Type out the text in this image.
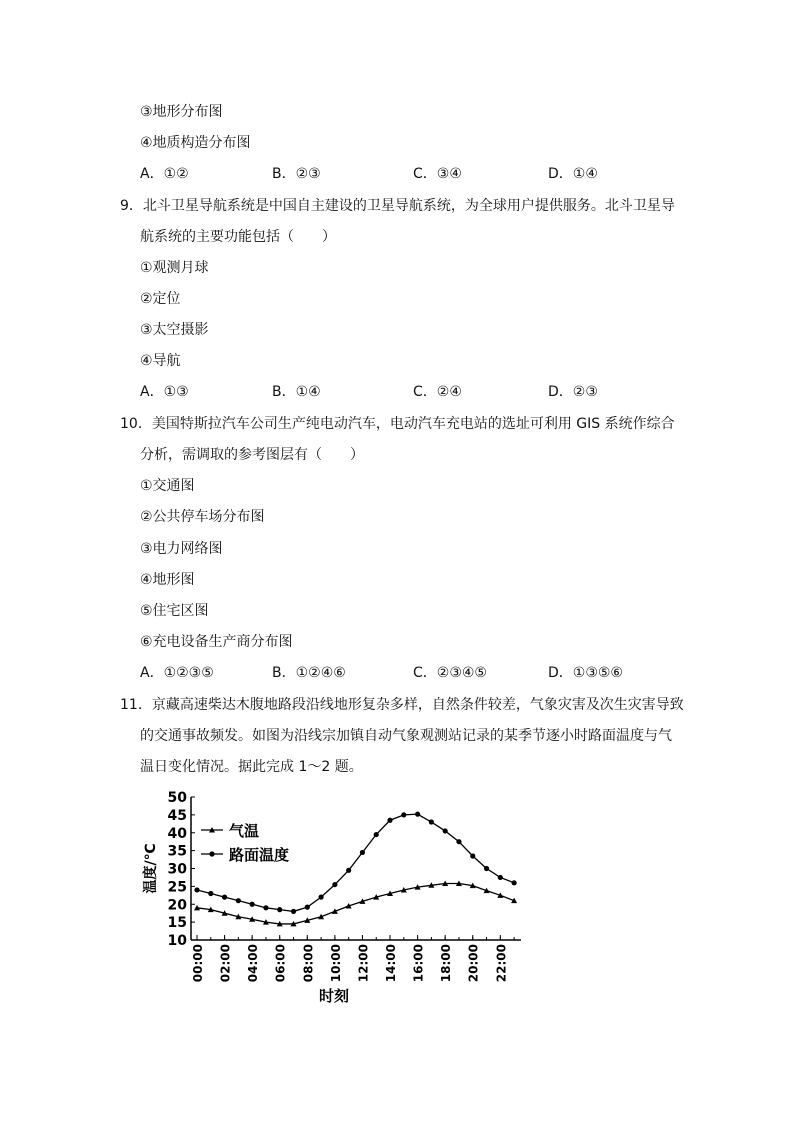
③地形分布图
④地质构造分布图
A．①②	B．②③	C．③④	D．①④
9．北斗卫星导航系统是中国自主建设的卫星导航系统，为全球用户提供服务。北斗卫星导
航系统的主要功能包括（　　）
①观测月球
②定位
③太空摄影
④导航
A．①③	B．①④	C．②④	D．②③
10．美国特斯拉汽车公司生产纯电动汽车，电动汽车充电站的选址可利用 GIS 系统作综合
分析，需调取的参考图层有（　　）
①交通图
②公共停车场分布图
③电力网络图
④地形图
⑤住宅区图
⑥充电设备生产商分布图
A．①②③⑤	B．①②④⑥	C．②③④⑤	D．①③⑤⑥
11．京藏高速柴达木腹地路段沿线地形复杂多样，自然条件较差，气象灾害及次生灾害导致
的交通事故频发。如图为沿线宗加镇自动气象观测站记录的某季节逐小时路面温度与气
温日变化情况。据此完成 1～2 题。
10
15
20
25
30
35
40
45
50
00:00 02:00 04:00 06:00 08:00 10:00 12:00 14:00 16:00 18:00 20:00 22:00
温度/℃
时刻
气温
路面温度
